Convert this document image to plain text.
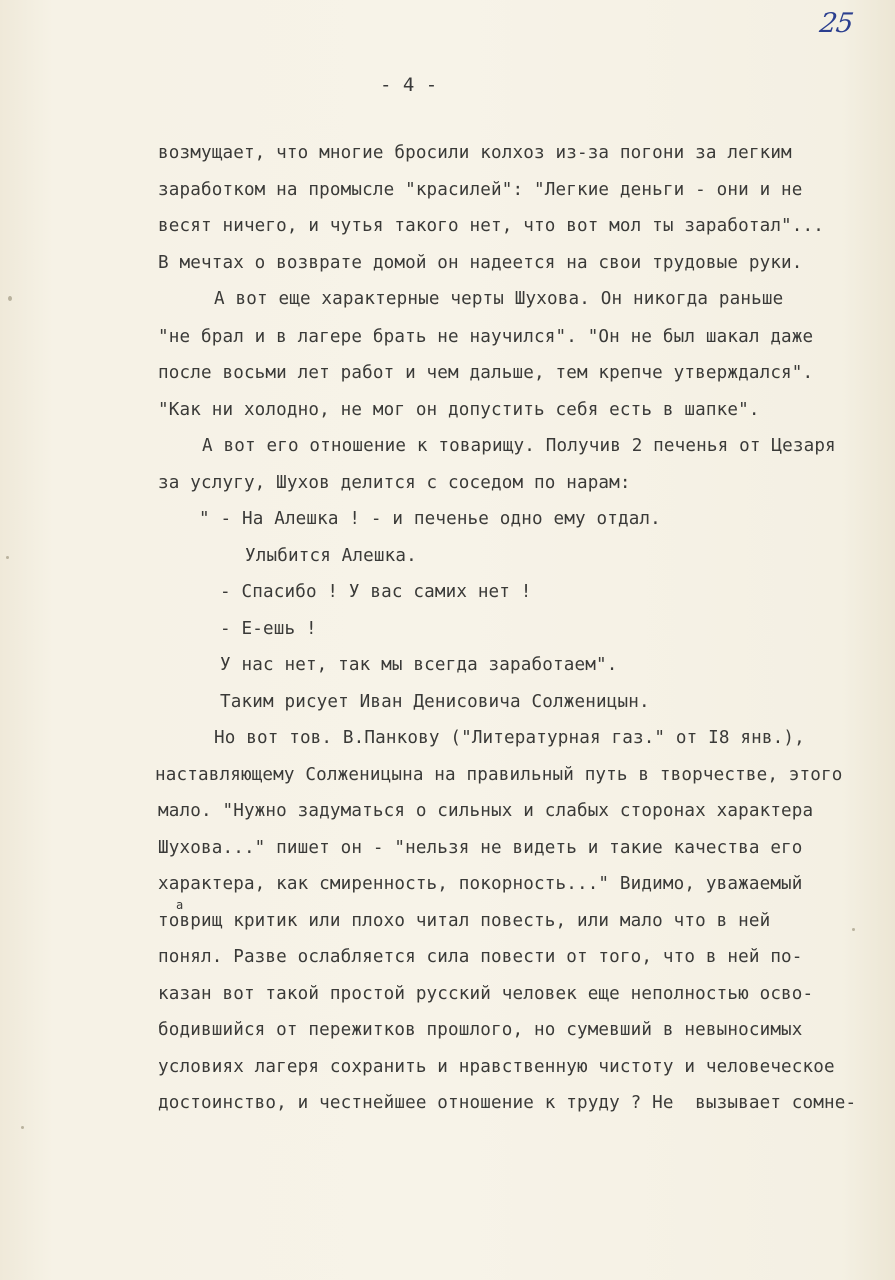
25
- 4 -
возмущает, что многие бросили колхоз из-за погони за легким
заработком на промысле "красилей": "Легкие деньги - они и не
весят ничего, и чутья такого нет, что вот мол ты заработал"...
В мечтах о возврате домой он надеется на свои трудовые руки.
А вот еще характерные черты Шухова. Он никогда раньше
"не брал и в лагере брать не научился". "Он не был шакал даже
после восьми лет работ и чем дальше, тем крепче утверждался".
"Как ни холодно, не мог он допустить себя есть в шапке".
А вот его отношение к товарищу. Получив 2 печенья от Цезаря
за услугу, Шухов делится с соседом по нарам:
" - На Алешка ! - и печенье одно ему отдал.
Улыбится Алешка.
- Спасибо ! У вас самих нет !
- Е-ешь !
У нас нет, так мы всегда заработаем".
Таким рисует Иван Денисовича Солженицын.
Но вот тов. В.Панкову ("Литературная газ." от I8 янв.),
наставляющему Солженицына на правильный путь в творчестве, этого
мало. "Нужно задуматься о сильных и слабых сторонах характера
Шухова..." пишет он - "нельзя не видеть и такие качества его
характера, как смиренность, покорность..." Видимо, уважаемый
а
товрищ критик или плохо читал повесть, или мало что в ней
понял. Разве ослабляется сила повести от того, что в ней по-
казан вот такой простой русский человек еще неполностью осво-
бодившийся от пережитков прошлого, но сумевший в невыносимых
условиях лагеря сохранить и нравственную чистоту и человеческое
достоинство, и честнейшее отношение к труду ? Не  вызывает сомне-
